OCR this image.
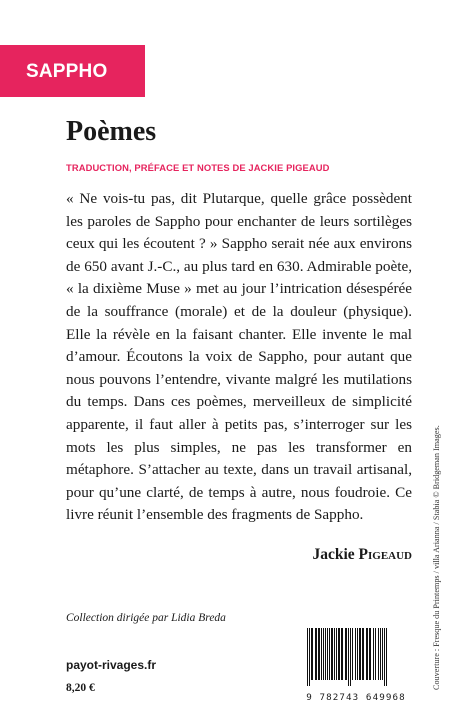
SAPPHO
Poèmes
TRADUCTION, PRÉFACE ET NOTES DE JACKIE PIGEAUD

« Ne vois-tu pas, dit Plutarque, quelle grâce possèdent les paroles de Sappho pour enchanter de leurs sortilèges ceux qui les écoutent ? » Sappho serait née aux environs de 650 avant J.-C., au plus tard en 630. Admirable poète, « la dixième Muse » met au jour l’intrication désespérée de la souffrance (morale) et de la douleur (physique). Elle la révèle en la faisant chanter. Elle invente le mal d’amour. Écoutons la voix de Sappho, pour autant que nous pouvons l’entendre, vivante malgré les mutilations du temps. Dans ces poèmes, merveilleux de simplicité apparente, il faut aller à petits pas, s’interroger sur les mots les plus simples, ne pas les transformer en métaphore. S’attacher au texte, dans un travail artisanal, pour qu’une clarté, de temps à autre, nous foudroie. Ce livre réunit l’ensemble des fragments de Sappho.

Jackie Pigeaud
Collection dirigée par Lidia Breda
payot-rivages.fr
8,20 €
9 782743 649968
Couverture : Fresque du Printemps / villa Arianna / Stabia © Bridgeman Images.
